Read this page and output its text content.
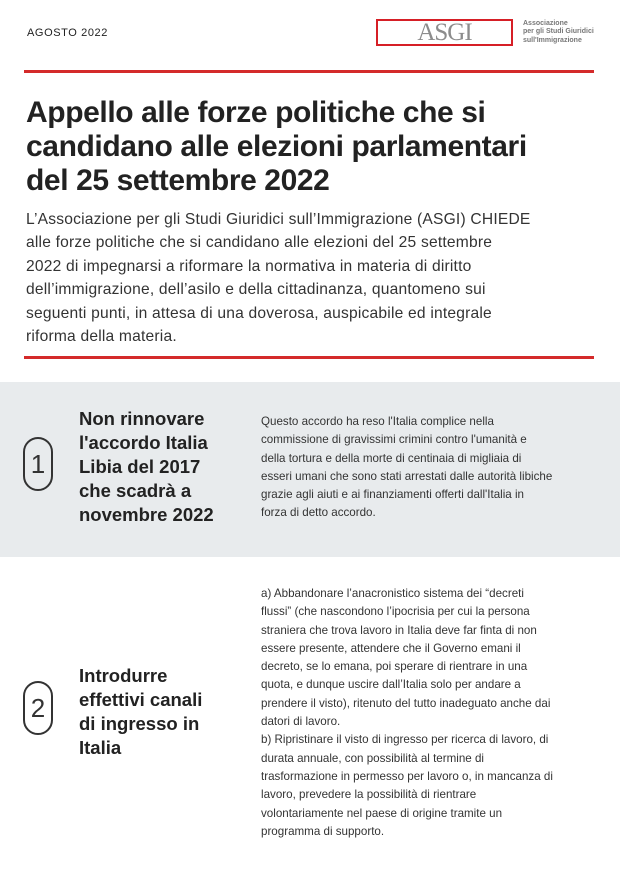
AGOSTO 2022	ASGI	Associazione
per gli Studi Giuridici
sull'Immigrazione
Appello alle forze politiche che si
candidano alle elezioni parlamentari
del 25 settembre 2022
L’Associazione per gli Studi Giuridici sull’Immigrazione (ASGI) CHIEDE
alle forze politiche che si candidano alle elezioni del 25 settembre
2022 di impegnarsi a riformare la normativa in materia di diritto
dell’immigrazione, dell’asilo e della cittadinanza, quantomeno sui
seguenti punti, in attesa di una doverosa, auspicabile ed integrale
riforma della materia.
1
Non rinnovare
l'accordo Italia
Libia del 2017
che scadrà a
novembre 2022
Questo accordo ha reso l'Italia complice nella
commissione di gravissimi crimini contro l'umanità e
della tortura e della morte di centinaia di migliaia di
esseri umani che sono stati arrestati dalle autorità libiche
grazie agli aiuti e ai finanziamenti offerti dall'Italia in
forza di detto accordo.
2
Introdurre
effettivi canali
di ingresso in
Italia
a) Abbandonare l’anacronistico sistema dei “decreti
flussi” (che nascondono l’ipocrisia per cui la persona
straniera che trova lavoro in Italia deve far finta di non
essere presente, attendere che il Governo emani il
decreto, se lo emana, poi sperare di rientrare in una
quota, e dunque uscire dall’Italia solo per andare a
prendere il visto), ritenuto del tutto inadeguato anche dai
datori di lavoro.
b) Ripristinare il visto di ingresso per ricerca di lavoro, di
durata annuale, con possibilità al termine di
trasformazione in permesso per lavoro o, in mancanza di
lavoro, prevedere la possibilità di rientrare
volontariamente nel paese di origine tramite un
programma di supporto.
